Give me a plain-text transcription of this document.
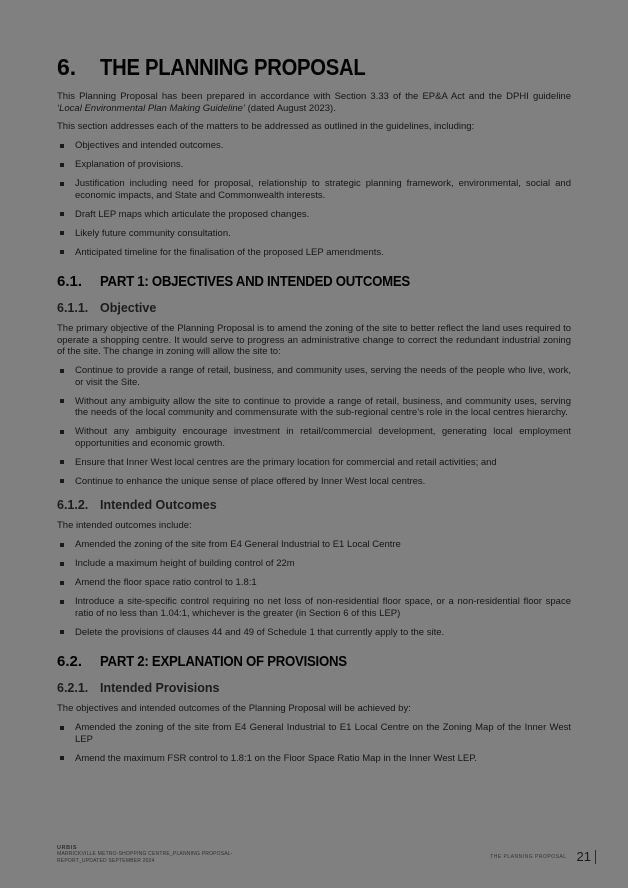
6.	THE PLANNING PROPOSAL

This Planning Proposal has been prepared in accordance with Section 3.33 of the EP&A Act and the DPHI guideline ‘Local Environmental Plan Making Guideline’ (dated August 2023).

This section addresses each of the matters to be addressed as outlined in the guidelines, including:

Objectives and intended outcomes.
Explanation of provisions.
Justification including need for proposal, relationship to strategic planning framework, environmental, social and economic impacts, and State and Commonwealth interests.
Draft LEP maps which articulate the proposed changes.
Likely future community consultation.
Anticipated timeline for the finalisation of the proposed LEP amendments.
6.1.	PART 1: OBJECTIVES AND INTENDED OUTCOMES
6.1.1. Objective

The primary objective of the Planning Proposal is to amend the zoning of the site to better reflect the land uses required to operate a shopping centre. It would serve to progress an administrative change to correct the redundant industrial zoning of the site. The change in zoning will allow the site to:

Continue to provide a range of retail, business, and community uses, serving the needs of the people who live, work, or visit the Site.
Without any ambiguity allow the site to continue to provide a range of retail, business, and community uses, serving the needs of the local community and commensurate with the sub-regional centre’s role in the local centres hierarchy.
Without any ambiguity encourage investment in retail/commercial development, generating local employment opportunities and economic growth.
Ensure that Inner West local centres are the primary location for commercial and retail activities; and
Continue to enhance the unique sense of place offered by Inner West local centres.
6.1.2. Intended Outcomes

The intended outcomes include:

Amended the zoning of the site from E4 General Industrial to E1 Local Centre
Include a maximum height of building control of 22m
Amend the floor space ratio control to 1.8:1
Introduce a site-specific control requiring no net loss of non-residential floor space, or a non-residential floor space ratio of no less than 1.04:1, whichever is the greater (in Section 6 of this LEP)
Delete the provisions of clauses 44 and 49 of Schedule 1 that currently apply to the site.
6.2.	PART 2: EXPLANATION OF PROVISIONS
6.2.1. Intended Provisions

The objectives and intended outcomes of the Planning Proposal will be achieved by:

Amended the zoning of the site from E4 General Industrial to E1 Local Centre on the Zoning Map of the Inner West LEP
Amend the maximum FSR control to 1.8:1 on the Floor Space Ratio Map in the Inner West LEP.
URBIS
MARRICKVILLE METRO-SHOPPING CENTRE_PLANNING PROPOSAL-
REPORT_UPDATED SEPTEMBER 2024
THE PLANNING PROPOSAL 21
